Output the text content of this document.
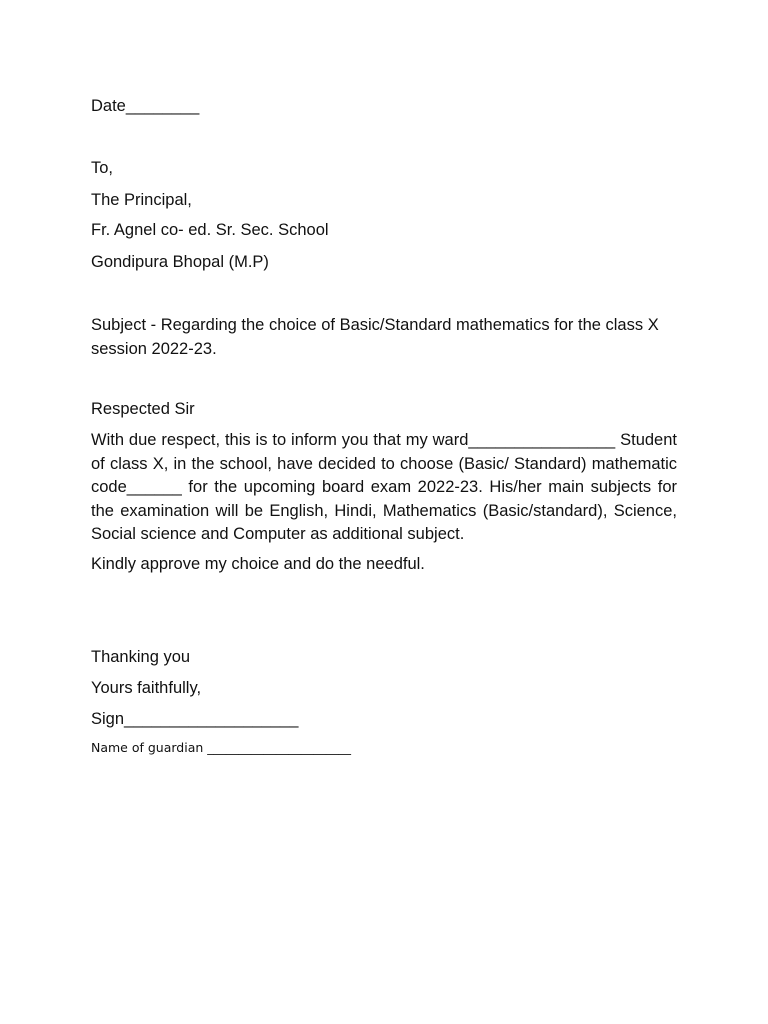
Date________
To,
The Principal,
Fr. Agnel co- ed. Sr. Sec. School
Gondipura Bhopal (M.P)
Subject - Regarding the choice of Basic/Standard mathematics for the class X session 2022-23.
Respected Sir
With due respect, this is to inform you that my ward________________ Student of class X, in the school, have decided to choose (Basic/ Standard) mathematic code______ for the upcoming board exam 2022-23. His/her main subjects for the examination will be English, Hindi, Mathematics (Basic/standard), Science, Social science and Computer as additional subject.
Kindly approve my choice and do the needful.
Thanking you
Yours faithfully,
Sign___________________
Name of guardian _______________________
